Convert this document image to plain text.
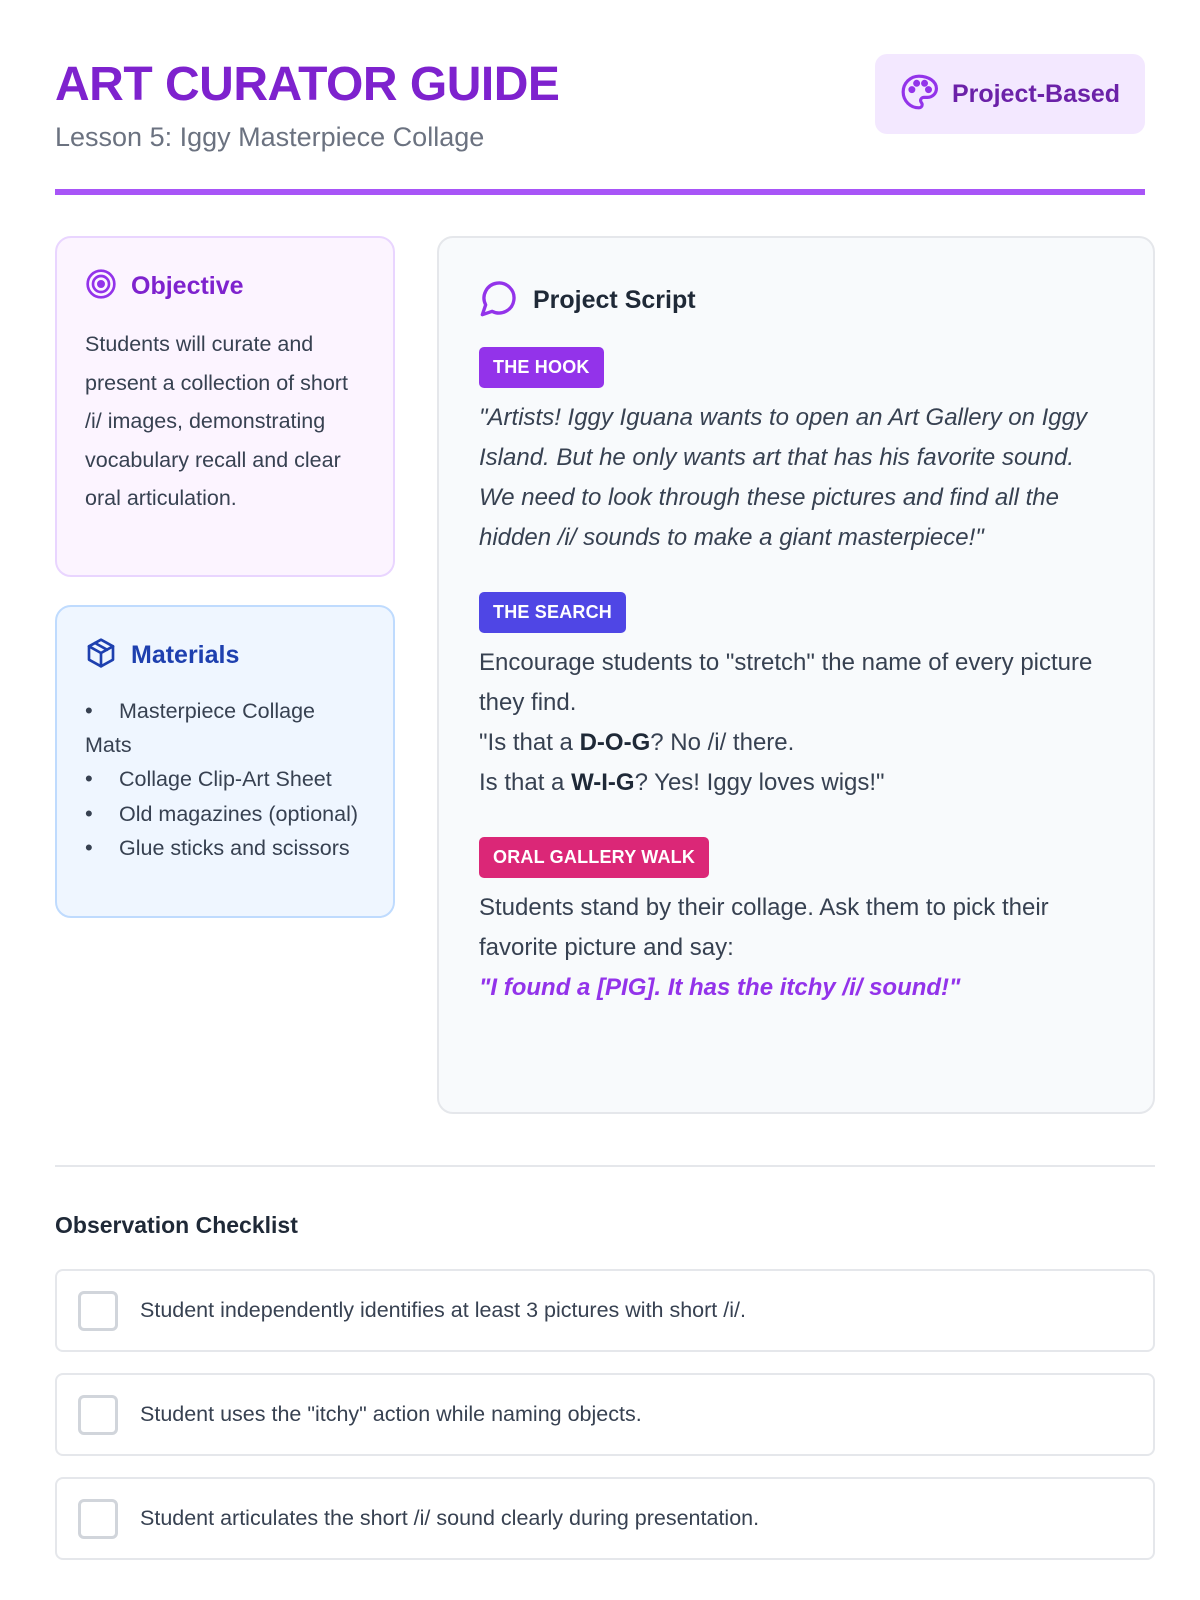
ART CURATOR GUIDE
Lesson 5: Iggy Masterpiece Collage
Project-Based
Objective
Students will curate and present a collection of short /i/ images, demonstrating vocabulary recall and clear oral articulation.
Materials
• Masterpiece Collage Mats
• Collage Clip-Art Sheet
• Old magazines (optional)
• Glue sticks and scissors
Project Script
THE HOOK
"Artists! Iggy Iguana wants to open an Art Gallery on Iggy Island. But he only wants art that has his favorite sound. We need to look through these pictures and find all the hidden /i/ sounds to make a giant masterpiece!"
THE SEARCH
Encourage students to "stretch" the name of every picture they find.
"Is that a D-O-G? No /i/ there.
Is that a W-I-G? Yes! Iggy loves wigs!"
ORAL GALLERY WALK
Students stand by their collage. Ask them to pick their favorite picture and say:
"I found a [PIG]. It has the itchy /i/ sound!"
Observation Checklist
Student independently identifies at least 3 pictures with short /i/.
Student uses the "itchy" action while naming objects.
Student articulates the short /i/ sound clearly during presentation.
